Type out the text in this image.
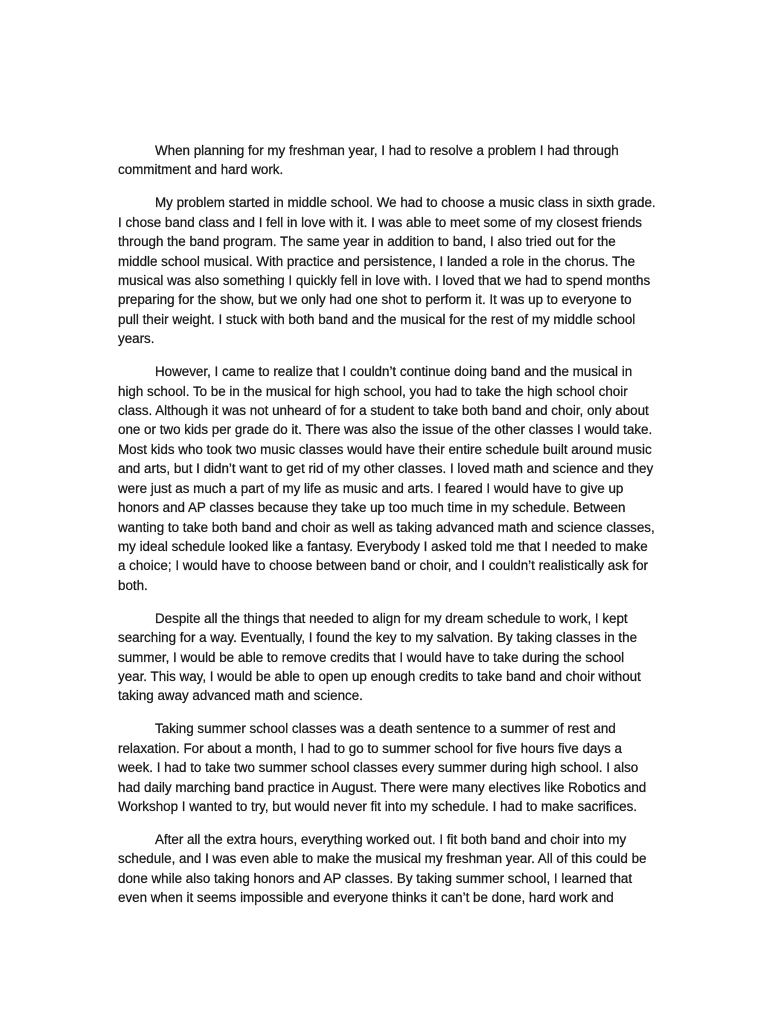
When planning for my freshman year, I had to resolve a problem I had through commitment and hard work.

My problem started in middle school. We had to choose a music class in sixth grade. I chose band class and I fell in love with it. I was able to meet some of my closest friends through the band program. The same year in addition to band, I also tried out for the middle school musical. With practice and persistence, I landed a role in the chorus. The musical was also something I quickly fell in love with. I loved that we had to spend months preparing for the show, but we only had one shot to perform it. It was up to everyone to pull their weight. I stuck with both band and the musical for the rest of my middle school years.

However, I came to realize that I couldn’t continue doing band and the musical in high school. To be in the musical for high school, you had to take the high school choir class. Although it was not unheard of for a student to take both band and choir, only about one or two kids per grade do it. There was also the issue of the other classes I would take. Most kids who took two music classes would have their entire schedule built around music and arts, but I didn’t want to get rid of my other classes. I loved math and science and they were just as much a part of my life as music and arts. I feared I would have to give up honors and AP classes because they take up too much time in my schedule. Between wanting to take both band and choir as well as taking advanced math and science classes, my ideal schedule looked like a fantasy. Everybody I asked told me that I needed to make a choice; I would have to choose between band or choir, and I couldn’t realistically ask for both.

Despite all the things that needed to align for my dream schedule to work, I kept searching for a way. Eventually, I found the key to my salvation. By taking classes in the summer, I would be able to remove credits that I would have to take during the school year. This way, I would be able to open up enough credits to take band and choir without taking away advanced math and science.

Taking summer school classes was a death sentence to a summer of rest and relaxation. For about a month, I had to go to summer school for five hours five days a week. I had to take two summer school classes every summer during high school. I also had daily marching band practice in August. There were many electives like Robotics and Workshop I wanted to try, but would never fit into my schedule. I had to make sacrifices.

After all the extra hours, everything worked out. I fit both band and choir into my schedule, and I was even able to make the musical my freshman year. All of this could be done while also taking honors and AP classes. By taking summer school, I learned that even when it seems impossible and everyone thinks it can’t be done, hard work and
